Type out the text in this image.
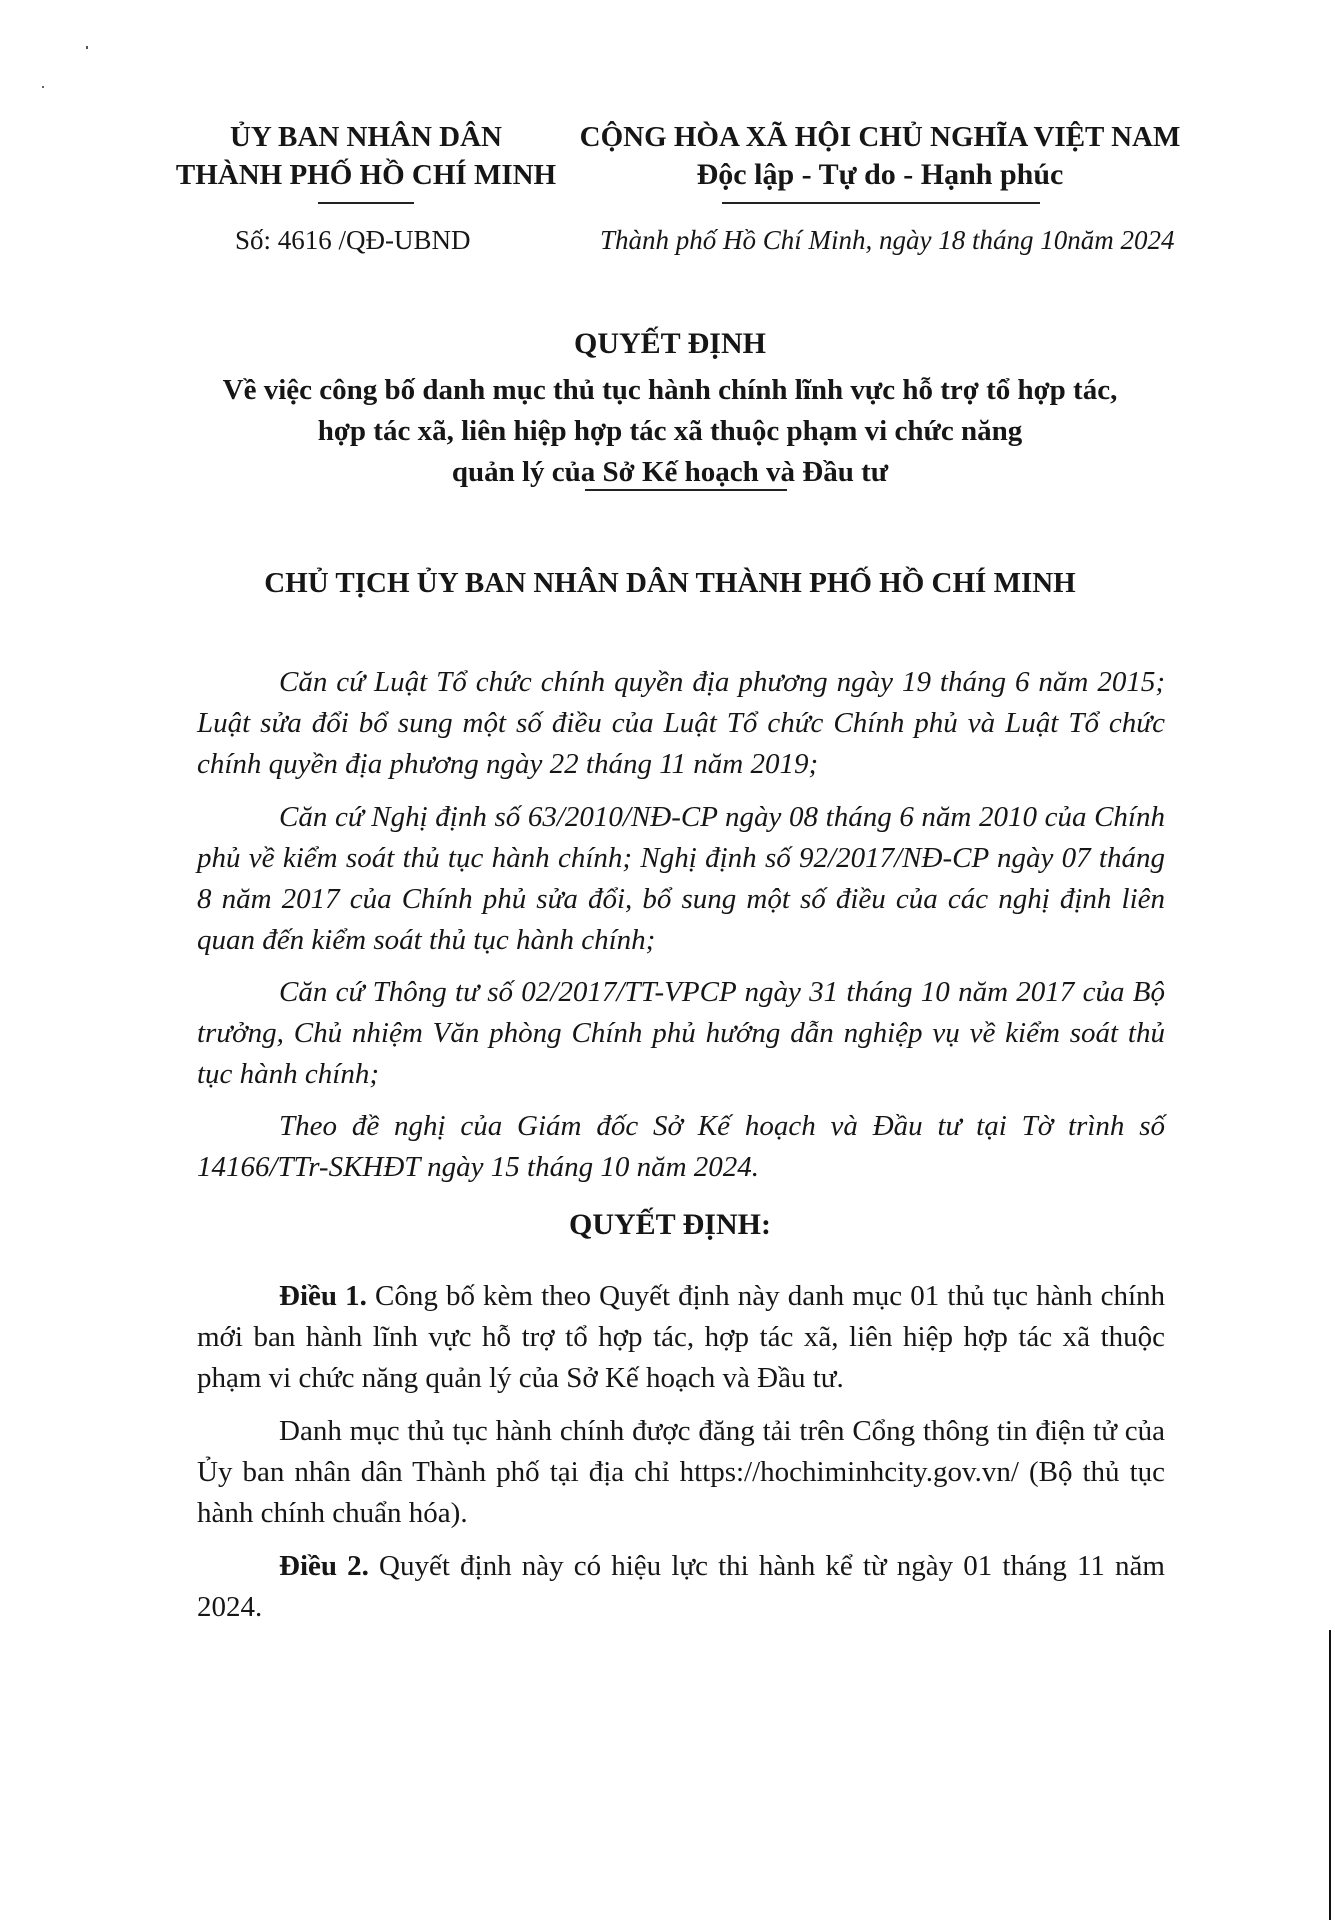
ỦY BAN NHÂN DÂN
THÀNH PHỐ HỒ CHÍ MINH
CỘNG HÒA XÃ HỘI CHỦ NGHĨA VIỆT NAM
Độc lập - Tự do - Hạnh phúc
Số: 4616 /QĐ-UBND	Thành phố Hồ Chí Minh, ngày 18 tháng 10năm 2024
QUYẾT ĐỊNH
Về việc công bố danh mục thủ tục hành chính lĩnh vực hỗ trợ tổ hợp tác,
hợp tác xã, liên hiệp hợp tác xã thuộc phạm vi chức năng
quản lý của Sở Kế hoạch và Đầu tư
CHỦ TỊCH ỦY BAN NHÂN DÂN THÀNH PHỐ HỒ CHÍ MINH
Căn cứ Luật Tổ chức chính quyền địa phương ngày 19 tháng 6 năm 2015; Luật sửa đổi bổ sung một số điều của Luật Tổ chức Chính phủ và Luật Tổ chức chính quyền địa phương ngày 22 tháng 11 năm 2019;
Căn cứ Nghị định số 63/2010/NĐ-CP ngày 08 tháng 6 năm 2010 của Chính phủ về kiểm soát thủ tục hành chính; Nghị định số 92/2017/NĐ-CP ngày 07 tháng 8 năm 2017 của Chính phủ sửa đổi, bổ sung một số điều của các nghị định liên quan đến kiểm soát thủ tục hành chính;
Căn cứ Thông tư số 02/2017/TT-VPCP ngày 31 tháng 10 năm 2017 của Bộ trưởng, Chủ nhiệm Văn phòng Chính phủ hướng dẫn nghiệp vụ về kiểm soát thủ tục hành chính;
Theo đề nghị của Giám đốc Sở Kế hoạch và Đầu tư tại Tờ trình số 14166/TTr-SKHĐT ngày 15 tháng 10 năm 2024.
QUYẾT ĐỊNH:
Điều 1. Công bố kèm theo Quyết định này danh mục 01 thủ tục hành chính mới ban hành lĩnh vực hỗ trợ tổ hợp tác, hợp tác xã, liên hiệp hợp tác xã thuộc phạm vi chức năng quản lý của Sở Kế hoạch và Đầu tư.
Danh mục thủ tục hành chính được đăng tải trên Cổng thông tin điện tử của Ủy ban nhân dân Thành phố tại địa chỉ https://hochiminhcity.gov.vn/ (Bộ thủ tục hành chính chuẩn hóa).
Điều 2. Quyết định này có hiệu lực thi hành kể từ ngày 01 tháng 11 năm 2024.
